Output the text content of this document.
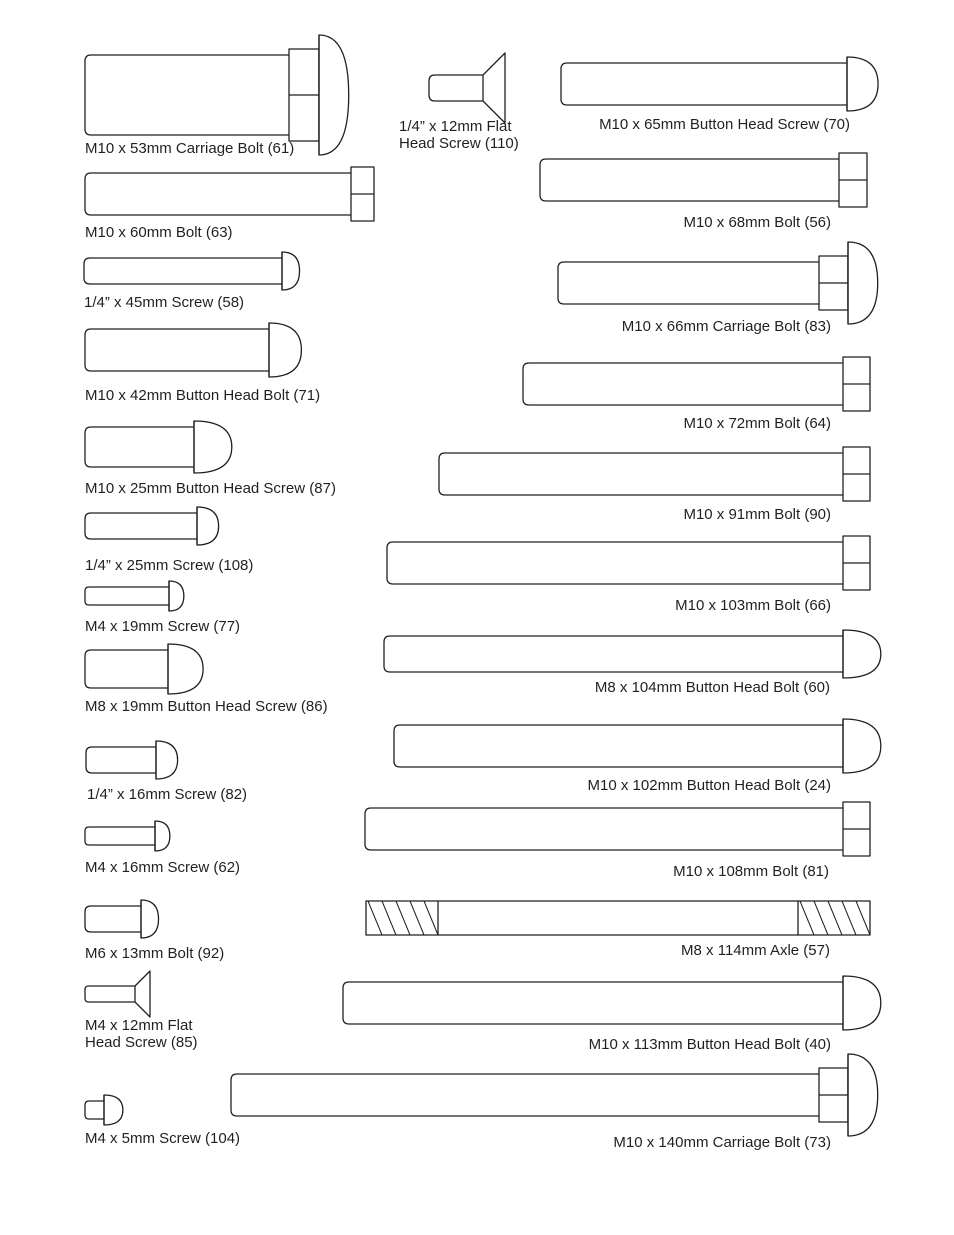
M10 x 53mm Carriage Bolt (61)
1/4” x 12mm Flat
Head Screw (110)
M10 x 65mm Button Head Screw (70)
M10 x 60mm Bolt (63)
M10 x 68mm Bolt (56)
1/4” x 45mm Screw (58)
M10 x 66mm Carriage Bolt (83)
M10 x 42mm Button Head Bolt (71)
M10 x 72mm Bolt (64)
M10 x 25mm Button Head Screw (87)
M10 x 91mm Bolt (90)
1/4” x 25mm Screw (108)
M10 x 103mm Bolt (66)
M4 x 19mm Screw (77)
M8 x 19mm Button Head Screw (86)
M8 x 104mm Button Head Bolt (60)
1/4” x 16mm Screw (82)
M10 x 102mm Button Head Bolt (24)
M4 x 16mm Screw (62)	M10 x 108mm Bolt (81)
M6 x 13mm Bolt (92)	M8 x 114mm Axle (57)
M4 x 12mm Flat
Head Screw (85)	M10 x 113mm Button Head Bolt (40)
M4 x 5mm Screw (104)	M10 x 140mm Carriage Bolt (73)
